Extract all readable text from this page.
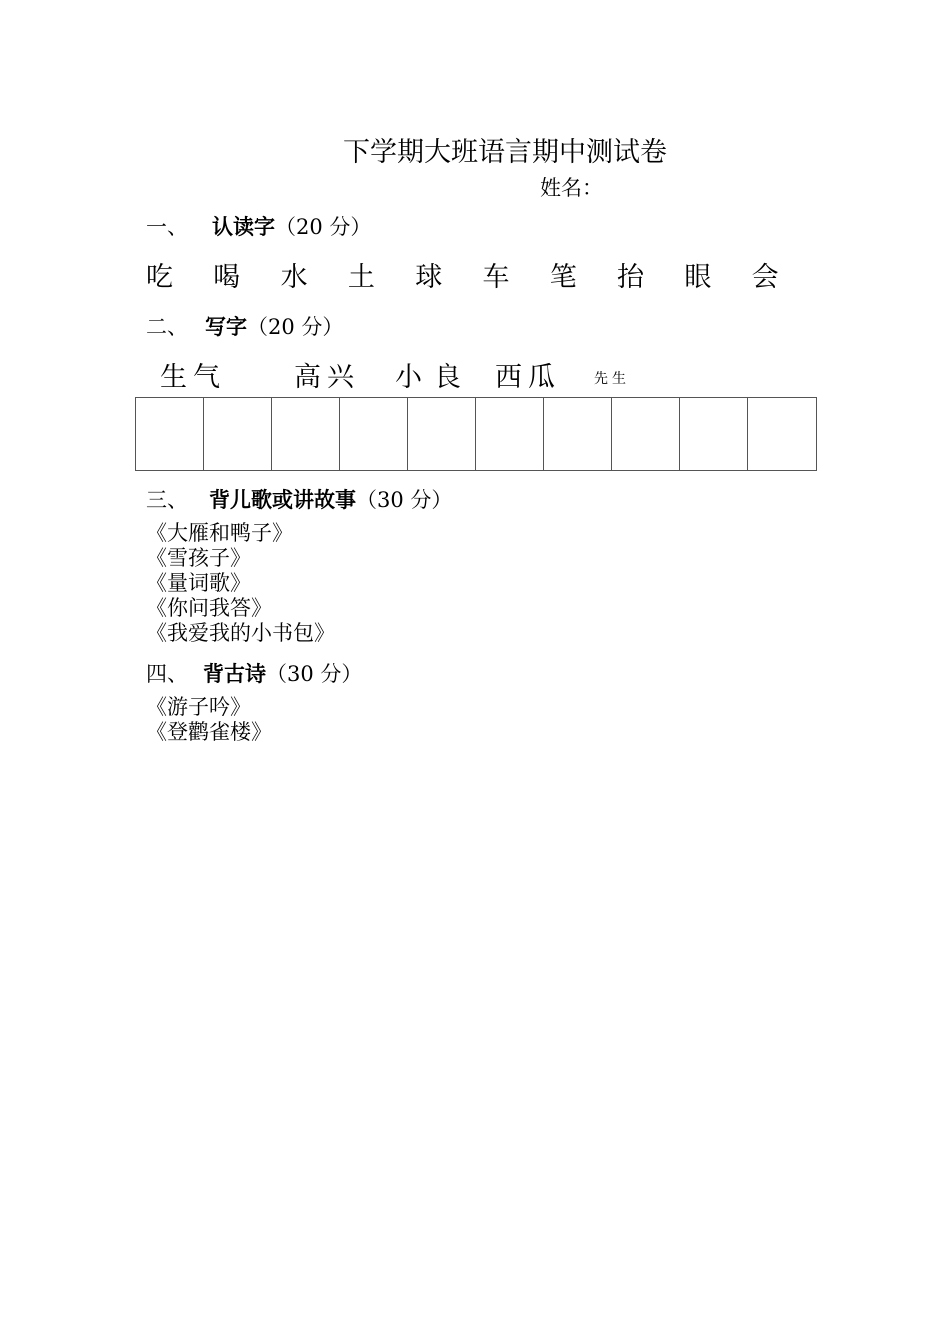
下学期大班语言期中测试卷
姓名：
一、 认读字（20 分）
吃	喝	水	土	球	车	笔	抬	眼	会
二、 写字（20 分）
生气	高兴 小良 西瓜 先生
三、 背儿歌或讲故事（30 分）
《大雁和鸭子》
《雪孩子》
《量词歌》
《你问我答》
《我爱我的小书包》
四、 背古诗（30 分）
《游子吟》
《登鹳雀楼》
